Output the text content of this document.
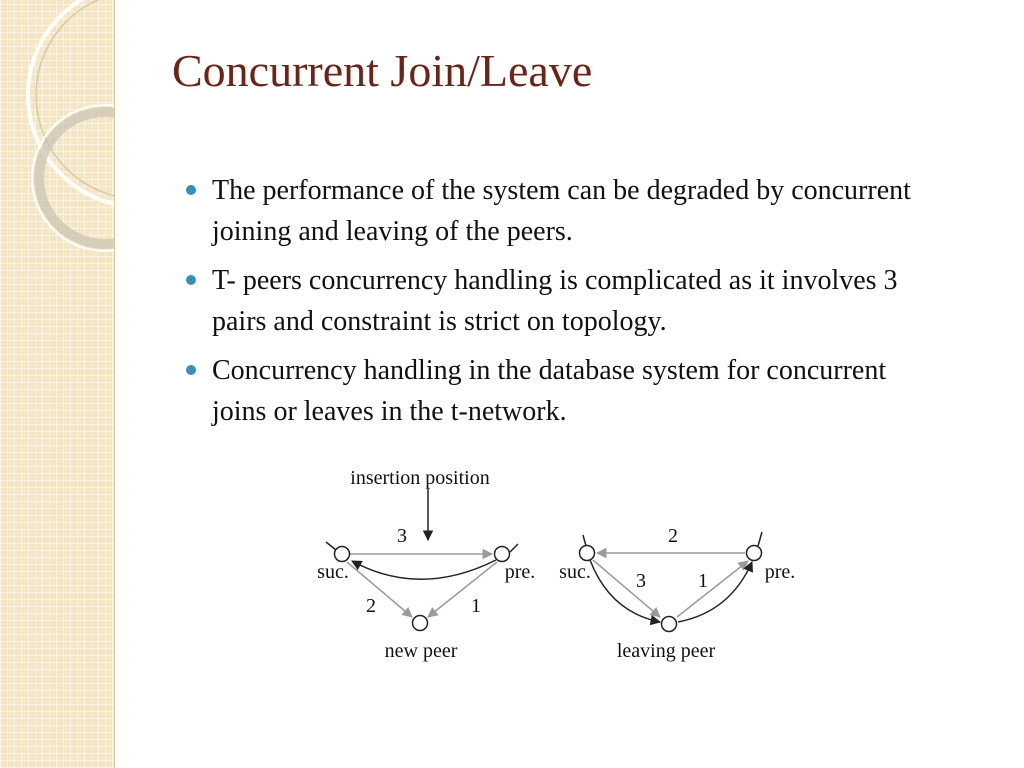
Concurrent Join/Leave
The performance of the system can be degraded by concurrent joining and leaving of the peers.
T- peers concurrency handling is complicated as it involves 3 pairs and constraint is strict on topology.
Concurrency handling in the database system for concurrent joins or leaves in the t-network.
insertion position
3
2	1
suc.	pre.
new peer
2
3	1
suc.	pre.
leaving peer
